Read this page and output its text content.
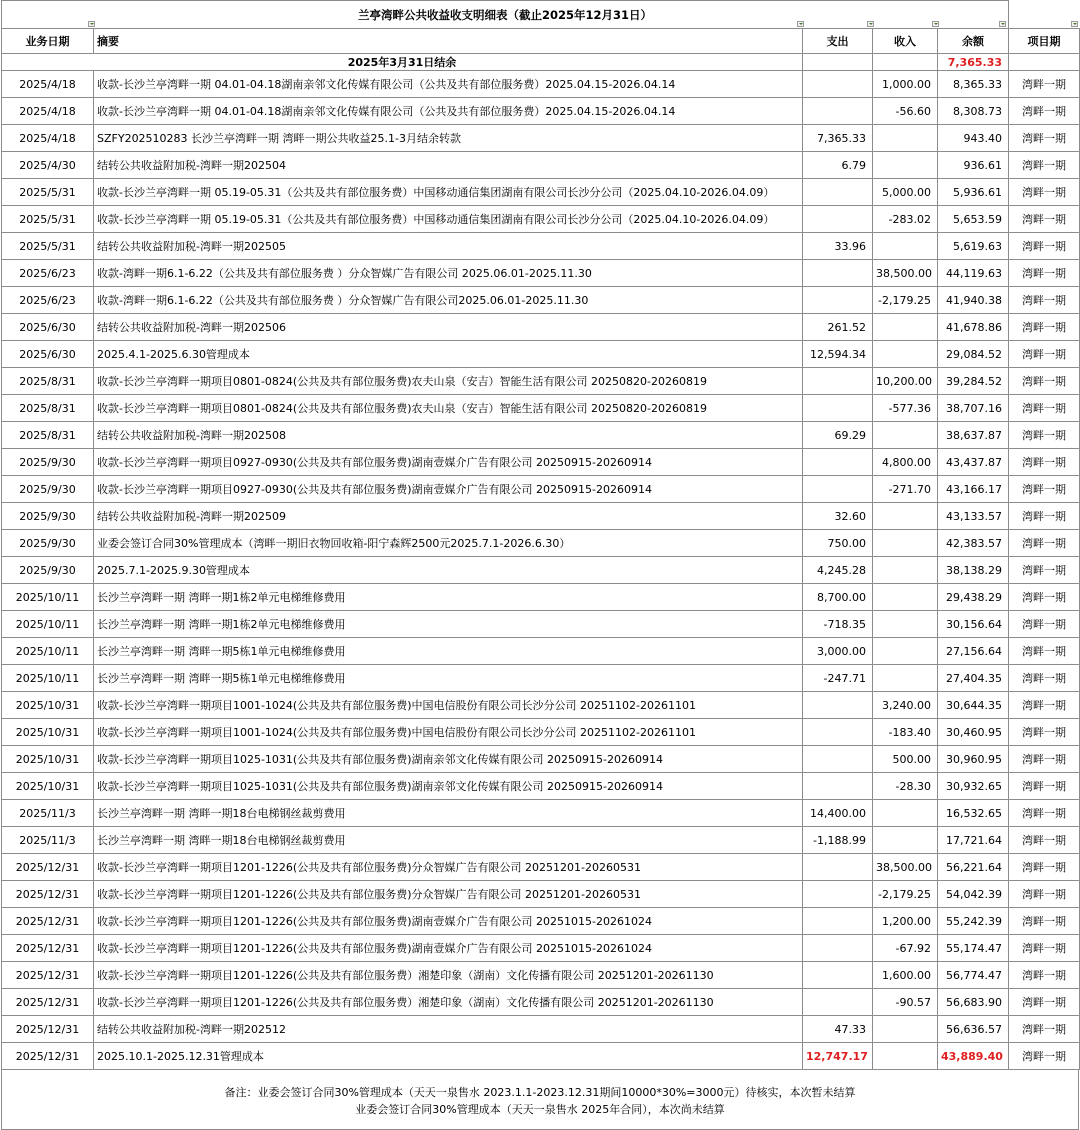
兰亭湾畔公共收益收支明细表（截止2025年12月31日）				

业务日期	摘要	支出	收入	余额	项目期
2025年3月31日结余				7,365.33	
2025/4/18	收款-长沙兰亭湾畔一期 04.01-04.18湖南亲邻文化传媒有限公司（公共及共有部位服务费）2025.04.15-2026.04.14		1,000.00	8,365.33	湾畔一期
2025/4/18	收款-长沙兰亭湾畔一期 04.01-04.18湖南亲邻文化传媒有限公司（公共及共有部位服务费）2025.04.15-2026.04.14		-56.60	8,308.73	湾畔一期
2025/4/18	SZFY202510283 长沙兰亭湾畔一期 湾畔一期公共收益25.1-3月结余转款	7,365.33		943.40	湾畔一期
2025/4/30	结转公共收益附加税-湾畔一期202504	6.79		936.61	湾畔一期
2025/5/31	收款-长沙兰亭湾畔一期 05.19-05.31（公共及共有部位服务费）中国移动通信集团湖南有限公司长沙分公司（2025.04.10-2026.04.09）		5,000.00	5,936.61	湾畔一期
2025/5/31	收款-长沙兰亭湾畔一期 05.19-05.31（公共及共有部位服务费）中国移动通信集团湖南有限公司长沙分公司（2025.04.10-2026.04.09）		-283.02	5,653.59	湾畔一期
2025/5/31	结转公共收益附加税-湾畔一期202505	33.96		5,619.63	湾畔一期
2025/6/23	收款-湾畔一期6.1-6.22（公共及共有部位服务费 ）分众智媒广告有限公司 2025.06.01-2025.11.30		38,500.00	44,119.63	湾畔一期
2025/6/23	收款-湾畔一期6.1-6.22（公共及共有部位服务费 ）分众智媒广告有限公司2025.06.01-2025.11.30		-2,179.25	41,940.38	湾畔一期
2025/6/30	结转公共收益附加税-湾畔一期202506	261.52		41,678.86	湾畔一期
2025/6/30	2025.4.1-2025.6.30管理成本	12,594.34		29,084.52	湾畔一期
2025/8/31	收款-长沙兰亭湾畔一期项目0801-0824(公共及共有部位服务费)农夫山泉（安吉）智能生活有限公司 20250820-20260819		10,200.00	39,284.52	湾畔一期
2025/8/31	收款-长沙兰亭湾畔一期项目0801-0824(公共及共有部位服务费)农夫山泉（安吉）智能生活有限公司 20250820-20260819		-577.36	38,707.16	湾畔一期
2025/8/31	结转公共收益附加税-湾畔一期202508	69.29		38,637.87	湾畔一期
2025/9/30	收款-长沙兰亭湾畔一期项目0927-0930(公共及共有部位服务费)湖南壹媒介广告有限公司 20250915-20260914		4,800.00	43,437.87	湾畔一期
2025/9/30	收款-长沙兰亭湾畔一期项目0927-0930(公共及共有部位服务费)湖南壹媒介广告有限公司 20250915-20260914		-271.70	43,166.17	湾畔一期
2025/9/30	结转公共收益附加税-湾畔一期202509	32.60		43,133.57	湾畔一期
2025/9/30	业委会签订合同30%管理成本（湾畔一期旧衣物回收箱-阳宁森辉2500元2025.7.1-2026.6.30）	750.00		42,383.57	湾畔一期
2025/9/30	2025.7.1-2025.9.30管理成本	4,245.28		38,138.29	湾畔一期
2025/10/11	长沙兰亭湾畔一期 湾畔一期1栋2单元电梯维修费用	8,700.00		29,438.29	湾畔一期
2025/10/11	长沙兰亭湾畔一期 湾畔一期1栋2单元电梯维修费用	-718.35		30,156.64	湾畔一期
2025/10/11	长沙兰亭湾畔一期 湾畔一期5栋1单元电梯维修费用	3,000.00		27,156.64	湾畔一期
2025/10/11	长沙兰亭湾畔一期 湾畔一期5栋1单元电梯维修费用	-247.71		27,404.35	湾畔一期
2025/10/31	收款-长沙兰亭湾畔一期项目1001-1024(公共及共有部位服务费)中国电信股份有限公司长沙分公司 20251102-20261101		3,240.00	30,644.35	湾畔一期
2025/10/31	收款-长沙兰亭湾畔一期项目1001-1024(公共及共有部位服务费)中国电信股份有限公司长沙分公司 20251102-20261101		-183.40	30,460.95	湾畔一期
2025/10/31	收款-长沙兰亭湾畔一期项目1025-1031(公共及共有部位服务费)湖南亲邻文化传媒有限公司 20250915-20260914		500.00	30,960.95	湾畔一期
2025/10/31	收款-长沙兰亭湾畔一期项目1025-1031(公共及共有部位服务费)湖南亲邻文化传媒有限公司 20250915-20260914		-28.30	30,932.65	湾畔一期
2025/11/3	长沙兰亭湾畔一期 湾畔一期18台电梯钢丝裁剪费用	14,400.00		16,532.65	湾畔一期
2025/11/3	长沙兰亭湾畔一期 湾畔一期18台电梯钢丝裁剪费用	-1,188.99		17,721.64	湾畔一期
2025/12/31	收款-长沙兰亭湾畔一期项目1201-1226(公共及共有部位服务费)分众智媒广告有限公司 20251201-20260531		38,500.00	56,221.64	湾畔一期
2025/12/31	收款-长沙兰亭湾畔一期项目1201-1226(公共及共有部位服务费)分众智媒广告有限公司 20251201-20260531		-2,179.25	54,042.39	湾畔一期
2025/12/31	收款-长沙兰亭湾畔一期项目1201-1226(公共及共有部位服务费)湖南壹媒介广告有限公司 20251015-20261024		1,200.00	55,242.39	湾畔一期
2025/12/31	收款-长沙兰亭湾畔一期项目1201-1226(公共及共有部位服务费)湖南壹媒介广告有限公司 20251015-20261024		-67.92	55,174.47	湾畔一期
2025/12/31	收款-长沙兰亭湾畔一期项目1201-1226(公共及共有部位服务费）湘楚印象（湖南）文化传播有限公司 20251201-20261130		1,600.00	56,774.47	湾畔一期
2025/12/31	收款-长沙兰亭湾畔一期项目1201-1226(公共及共有部位服务费）湘楚印象（湖南）文化传播有限公司 20251201-20261130		-90.57	56,683.90	湾畔一期
2025/12/31	结转公共收益附加税-湾畔一期202512	47.33		56,636.57	湾畔一期
2025/12/31	2025.10.1-2025.12.31管理成本	12,747.17		43,889.40	湾畔一期
备注：业委会签订合同30%管理成本（天天一泉售水 2023.1.1-2023.12.31期间10000*30%=3000元）待核实，本次暂未结算
业委会签订合同30%管理成本（天天一泉售水 2025年合同），本次尚未结算
